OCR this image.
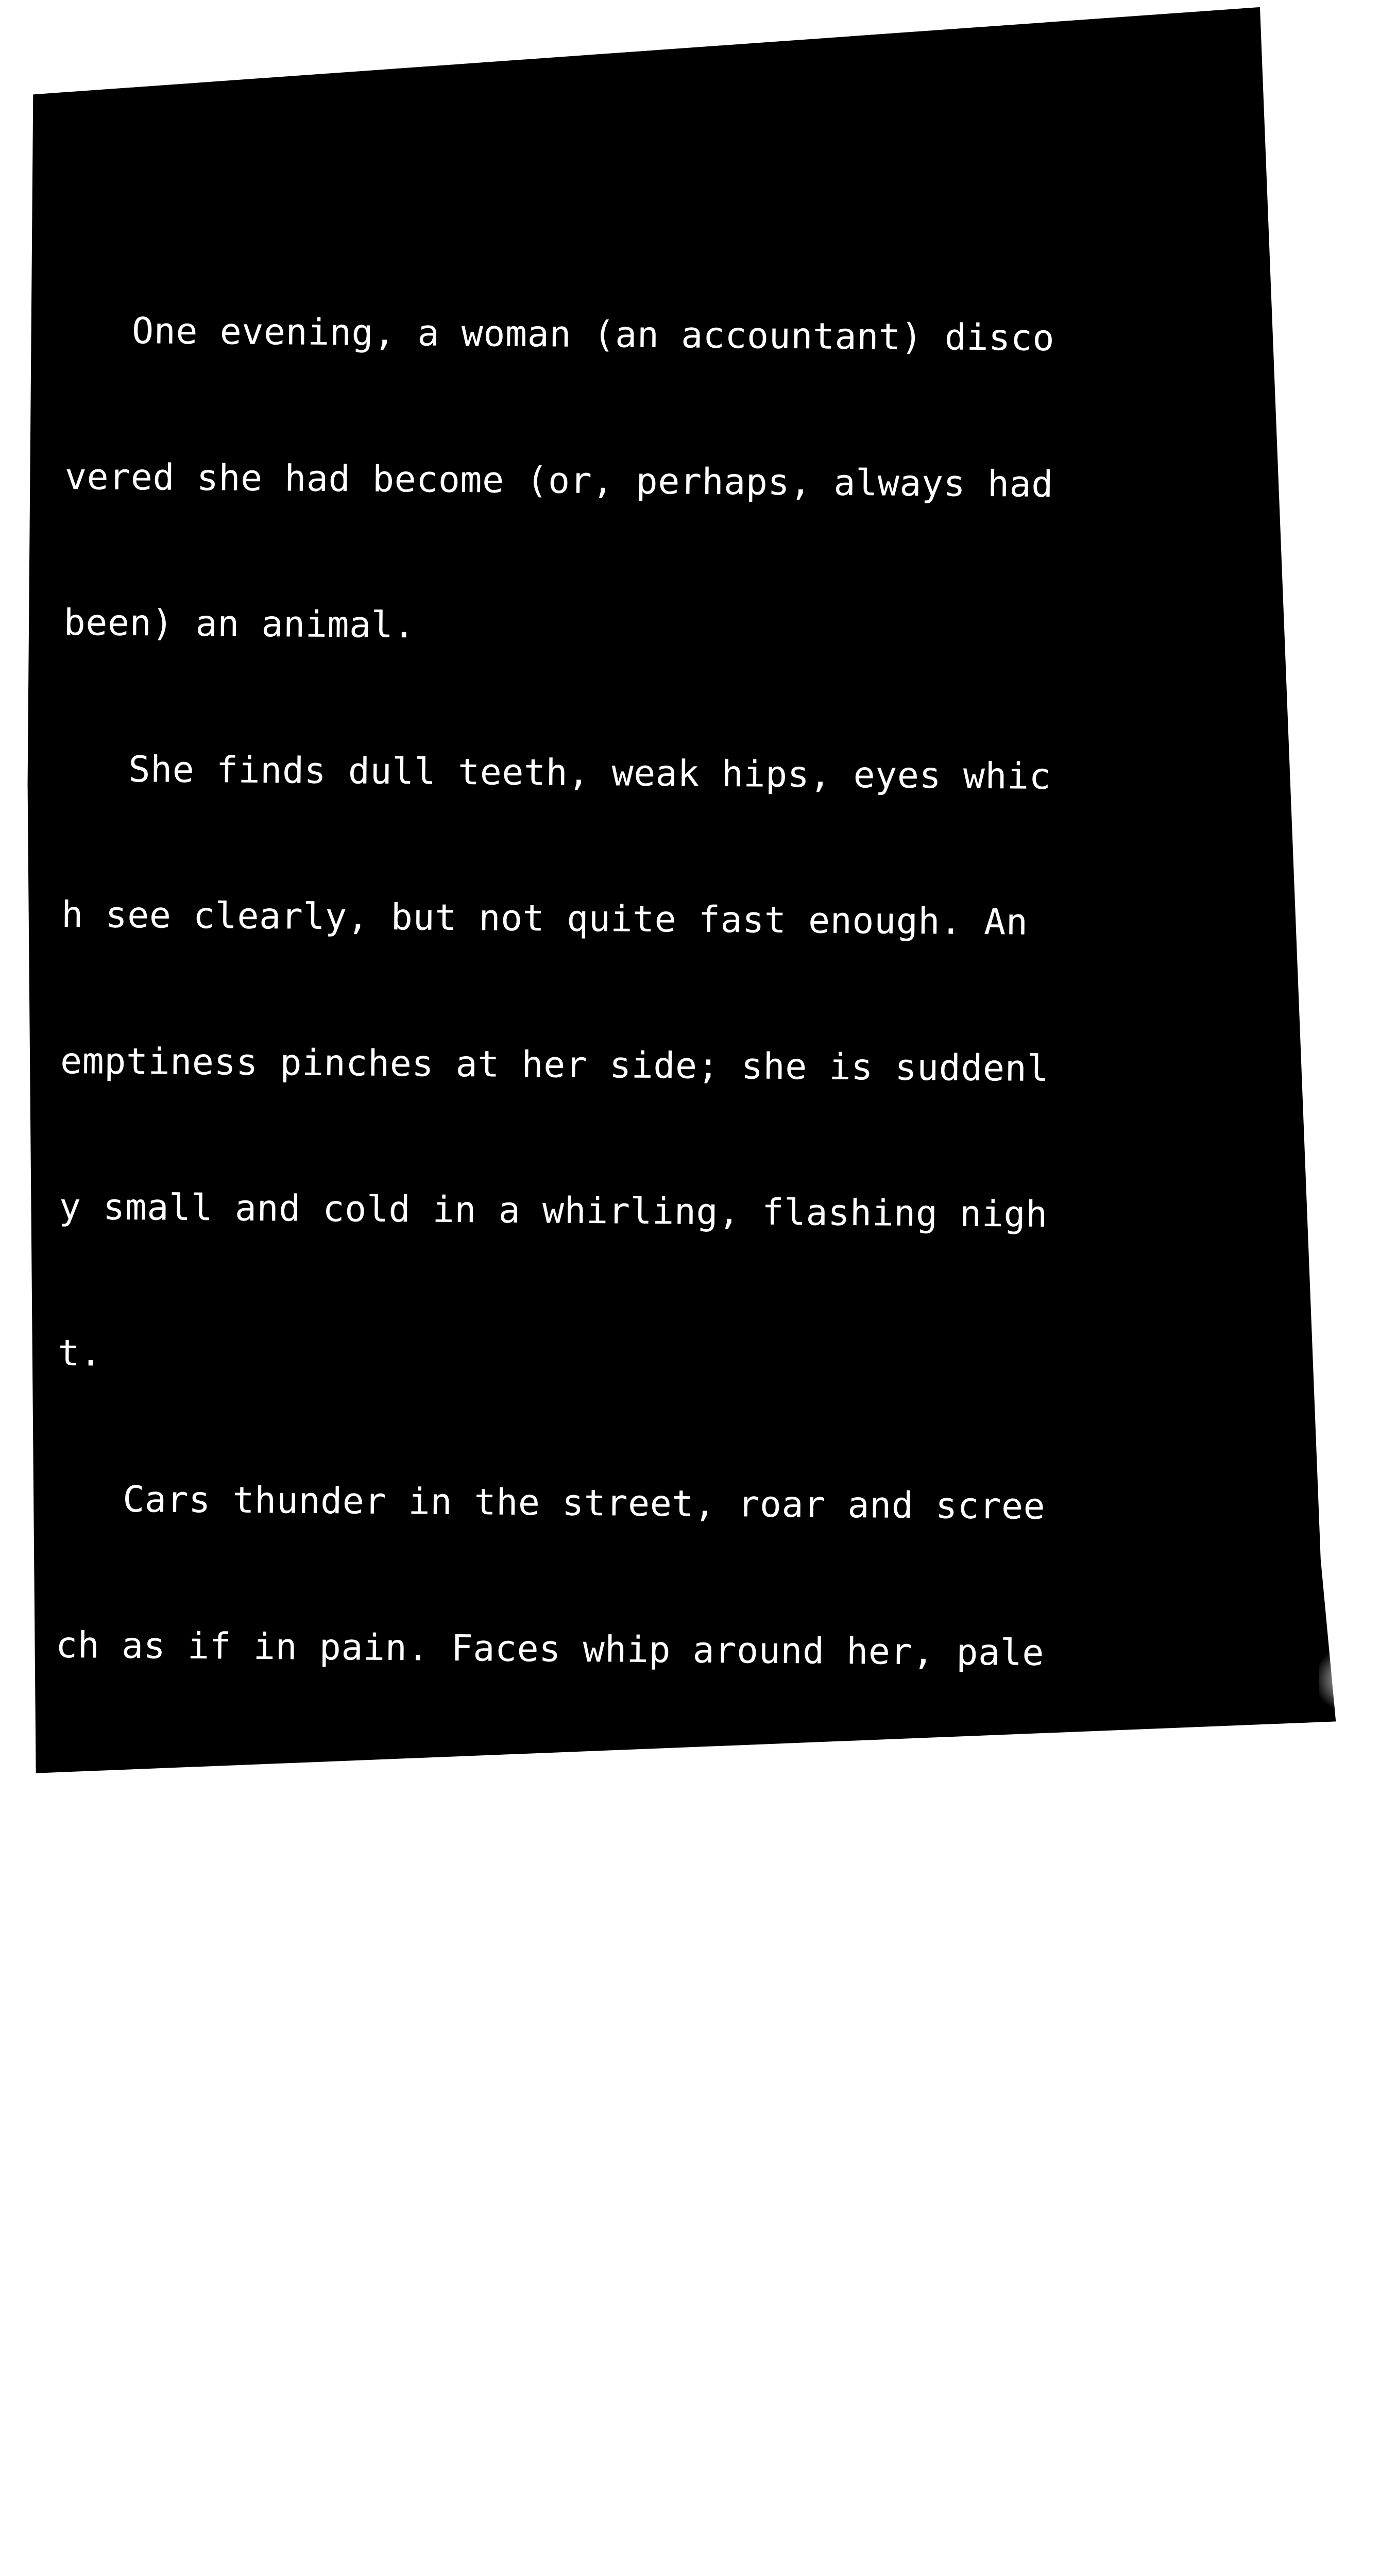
One evening, a woman (an accountant) disco

vered she had become (or, perhaps, always had

been) an animal.

She finds dull teeth, weak hips, eyes whic

h see clearly, but not quite fast enough. An

emptiness pinches at her side; she is suddenl

y small and cold in a whirling, flashing nigh

t.

Cars thunder in the street, roar and scree

ch as if in pain. Faces whip around her, pale

and portending, disembodied under black scarv

es and coats which warp into alleyway shadows

. A group huddles under a flickering streetla

mp. Faces snap outward, intermittently, befor

e returning to a ring of strangers who argue

bitterly. One of them sniffs the air as she a
